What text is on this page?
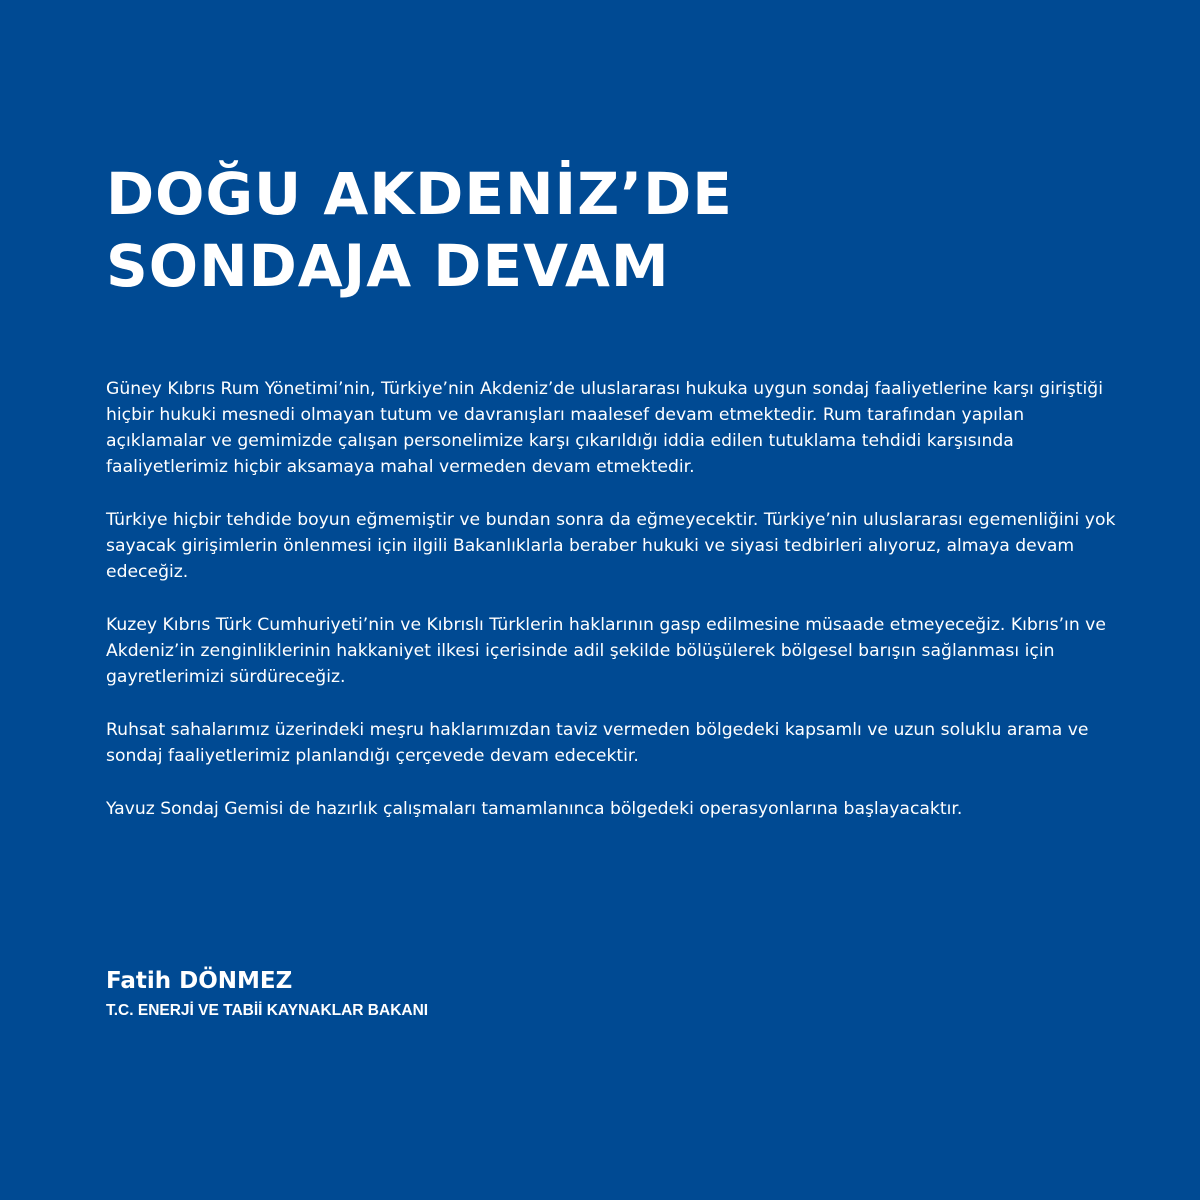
DOĞU AKDENİZ’DE
SONDAJA DEVAM

Güney Kıbrıs Rum Yönetimi’nin, Türkiye’nin Akdeniz’de uluslararası hukuka uygun sondaj faaliyetlerine karşı giriştiği hiçbir hukuki mesnedi olmayan tutum ve davranışları maalesef devam etmektedir. Rum tarafından yapılan açıklamalar ve gemimizde çalışan personelimize karşı çıkarıldığı iddia edilen tutuklama tehdidi karşısında faaliyetlerimiz hiçbir aksamaya mahal vermeden devam etmektedir.

Türkiye hiçbir tehdide boyun eğmemiştir ve bundan sonra da eğmeyecektir. Türkiye’nin uluslararası egemenliğini yok sayacak girişimlerin önlenmesi için ilgili Bakanlıklarla beraber hukuki ve siyasi tedbirleri alıyoruz, almaya devam edeceğiz.

Kuzey Kıbrıs Türk Cumhuriyeti’nin ve Kıbrıslı Türklerin haklarının gasp edilmesine müsaade etmeyeceğiz. Kıbrıs’ın ve Akdeniz’in zenginliklerinin hakkaniyet ilkesi içerisinde adil şekilde bölüşülerek bölgesel barışın sağlanması için gayretlerimizi sürdüreceğiz.

Ruhsat sahalarımız üzerindeki meşru haklarımızdan taviz vermeden bölgedeki kapsamlı ve uzun soluklu arama ve sondaj faaliyetlerimiz planlandığı çerçevede devam edecektir.

Yavuz Sondaj Gemisi de hazırlık çalışmaları tamamlanınca bölgedeki operasyonlarına başlayacaktır.

Fatih DÖNMEZ
T.C. ENERJİ VE TABİİ KAYNAKLAR BAKANI
